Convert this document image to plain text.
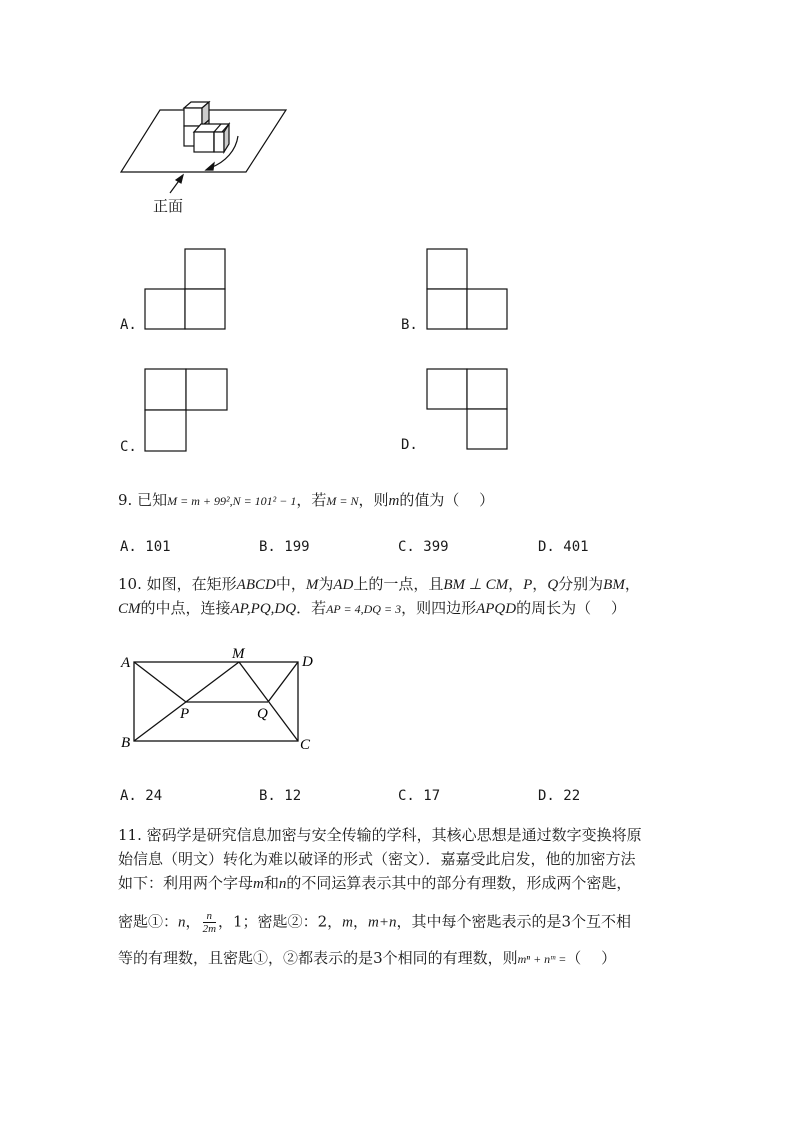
正面
A.	B.
C.	D.
9. 已知M = m + 99²,N = 101² − 1，若M = N，则m的值为（　 ）
A. 101	B. 199	C. 399	D. 401
10. 如图，在矩形ABCD中，M为AD上的一点，且BM ⊥ CM，P，Q分别为BM，
CM的中点，连接AP,PQ,DQ．若AP = 4,DQ = 3，则四边形APQD的周长为（　 ）
A
B	C
D
M
P	Q
A. 24	B. 12	C. 17	D. 22
11. 密码学是研究信息加密与安全传输的学科，其核心思想是通过数字变换将原
始信息（明文）转化为难以破译的形式（密文）．嘉嘉受此启发，他的加密方法
如下：利用两个字母m和n的不同运算表示其中的部分有理数，形成两个密匙，
密匙①：n， $\frac{n}{2m}$ ，1；密匙②：2，m，m+n，其中每个密匙表示的是3个互不相
等的有理数，且密匙①，②都表示的是3个相同的有理数，则mⁿ + nᵐ =（　 ）
